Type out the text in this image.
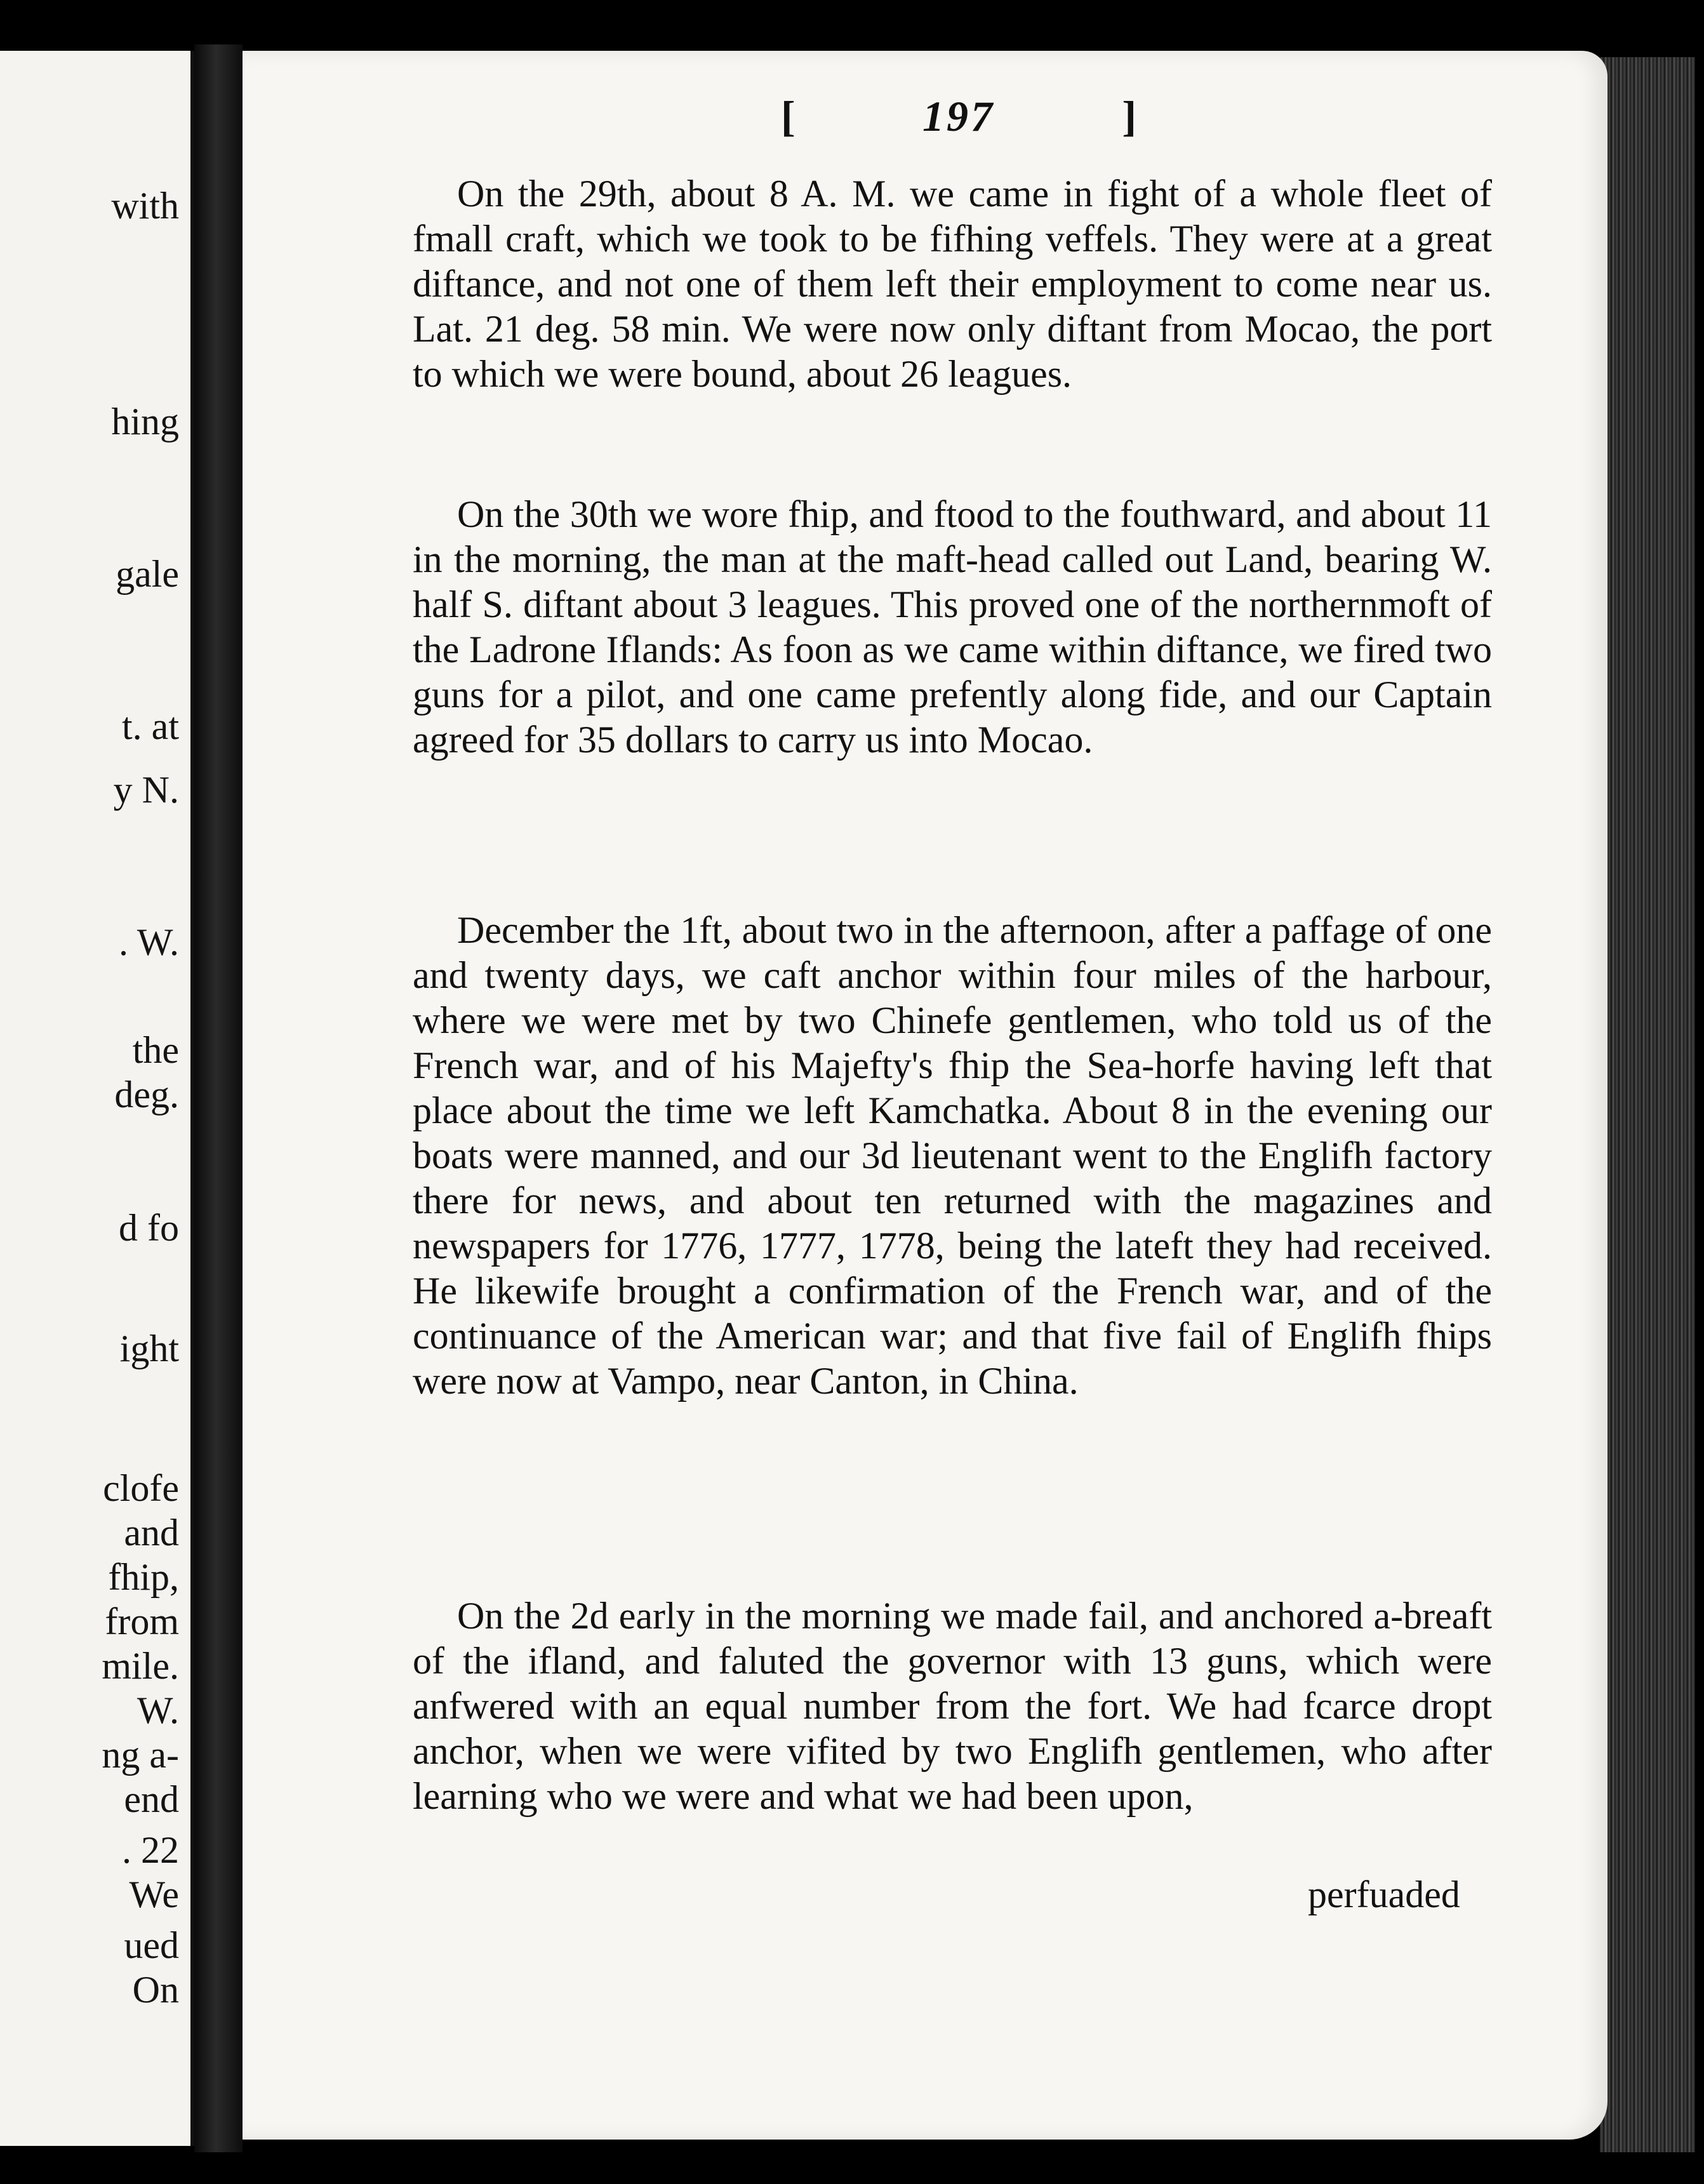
with
hing
gale
t. at
y N.
. W.
the
deg.
d fo
ight
clofe
and
fhip,
from
mile.
W.
ng a-
end
. 22
We
ued
On
[	197	]

On the 29th, about 8 A. M. we came in fight of a whole fleet of fmall craft, which we took to be fifhing veffels. They were at a great diftance, and not one of them left their employment to come near us. Lat. 21 deg. 58 min. We were now only diftant from Mocao, the port to which we were bound, about 26 leagues.

On the 30th we wore fhip, and ftood to the fouthward, and about 11 in the morning, the man at the maft-head called out Land, bearing W. half S. diftant about 3 leagues. This proved one of the northernmoft of the Ladrone Iflands: As foon as we came within diftance, we fired two guns for a pilot, and one came prefently along fide, and our Captain agreed for 35 dollars to carry us into Mocao.

December the 1ft, about two in the afternoon, after a paffage of one and twenty days, we caft anchor within four miles of the harbour, where we were met by two Chinefe gentlemen, who told us of the French war, and of his Majefty's fhip the Sea-horfe having left that place about the time we left Kamchatka. About 8 in the evening our boats were manned, and our 3d lieutenant went to the Englifh factory there for news, and about ten returned with the magazines and newspapers for 1776, 1777, 1778, being the lateft they had received. He likewife brought a confirmation of the French war, and of the continuance of the American war; and that five fail of Englifh fhips were now at Vampo, near Canton, in China.

On the 2d early in the morning we made fail, and anchored a-breaft of the ifland, and faluted the governor with 13 guns, which were anfwered with an equal number from the fort. We had fcarce dropt anchor, when we were vifited by two Englifh gentlemen, who after learning who we were and what we had been upon,

perfuaded
